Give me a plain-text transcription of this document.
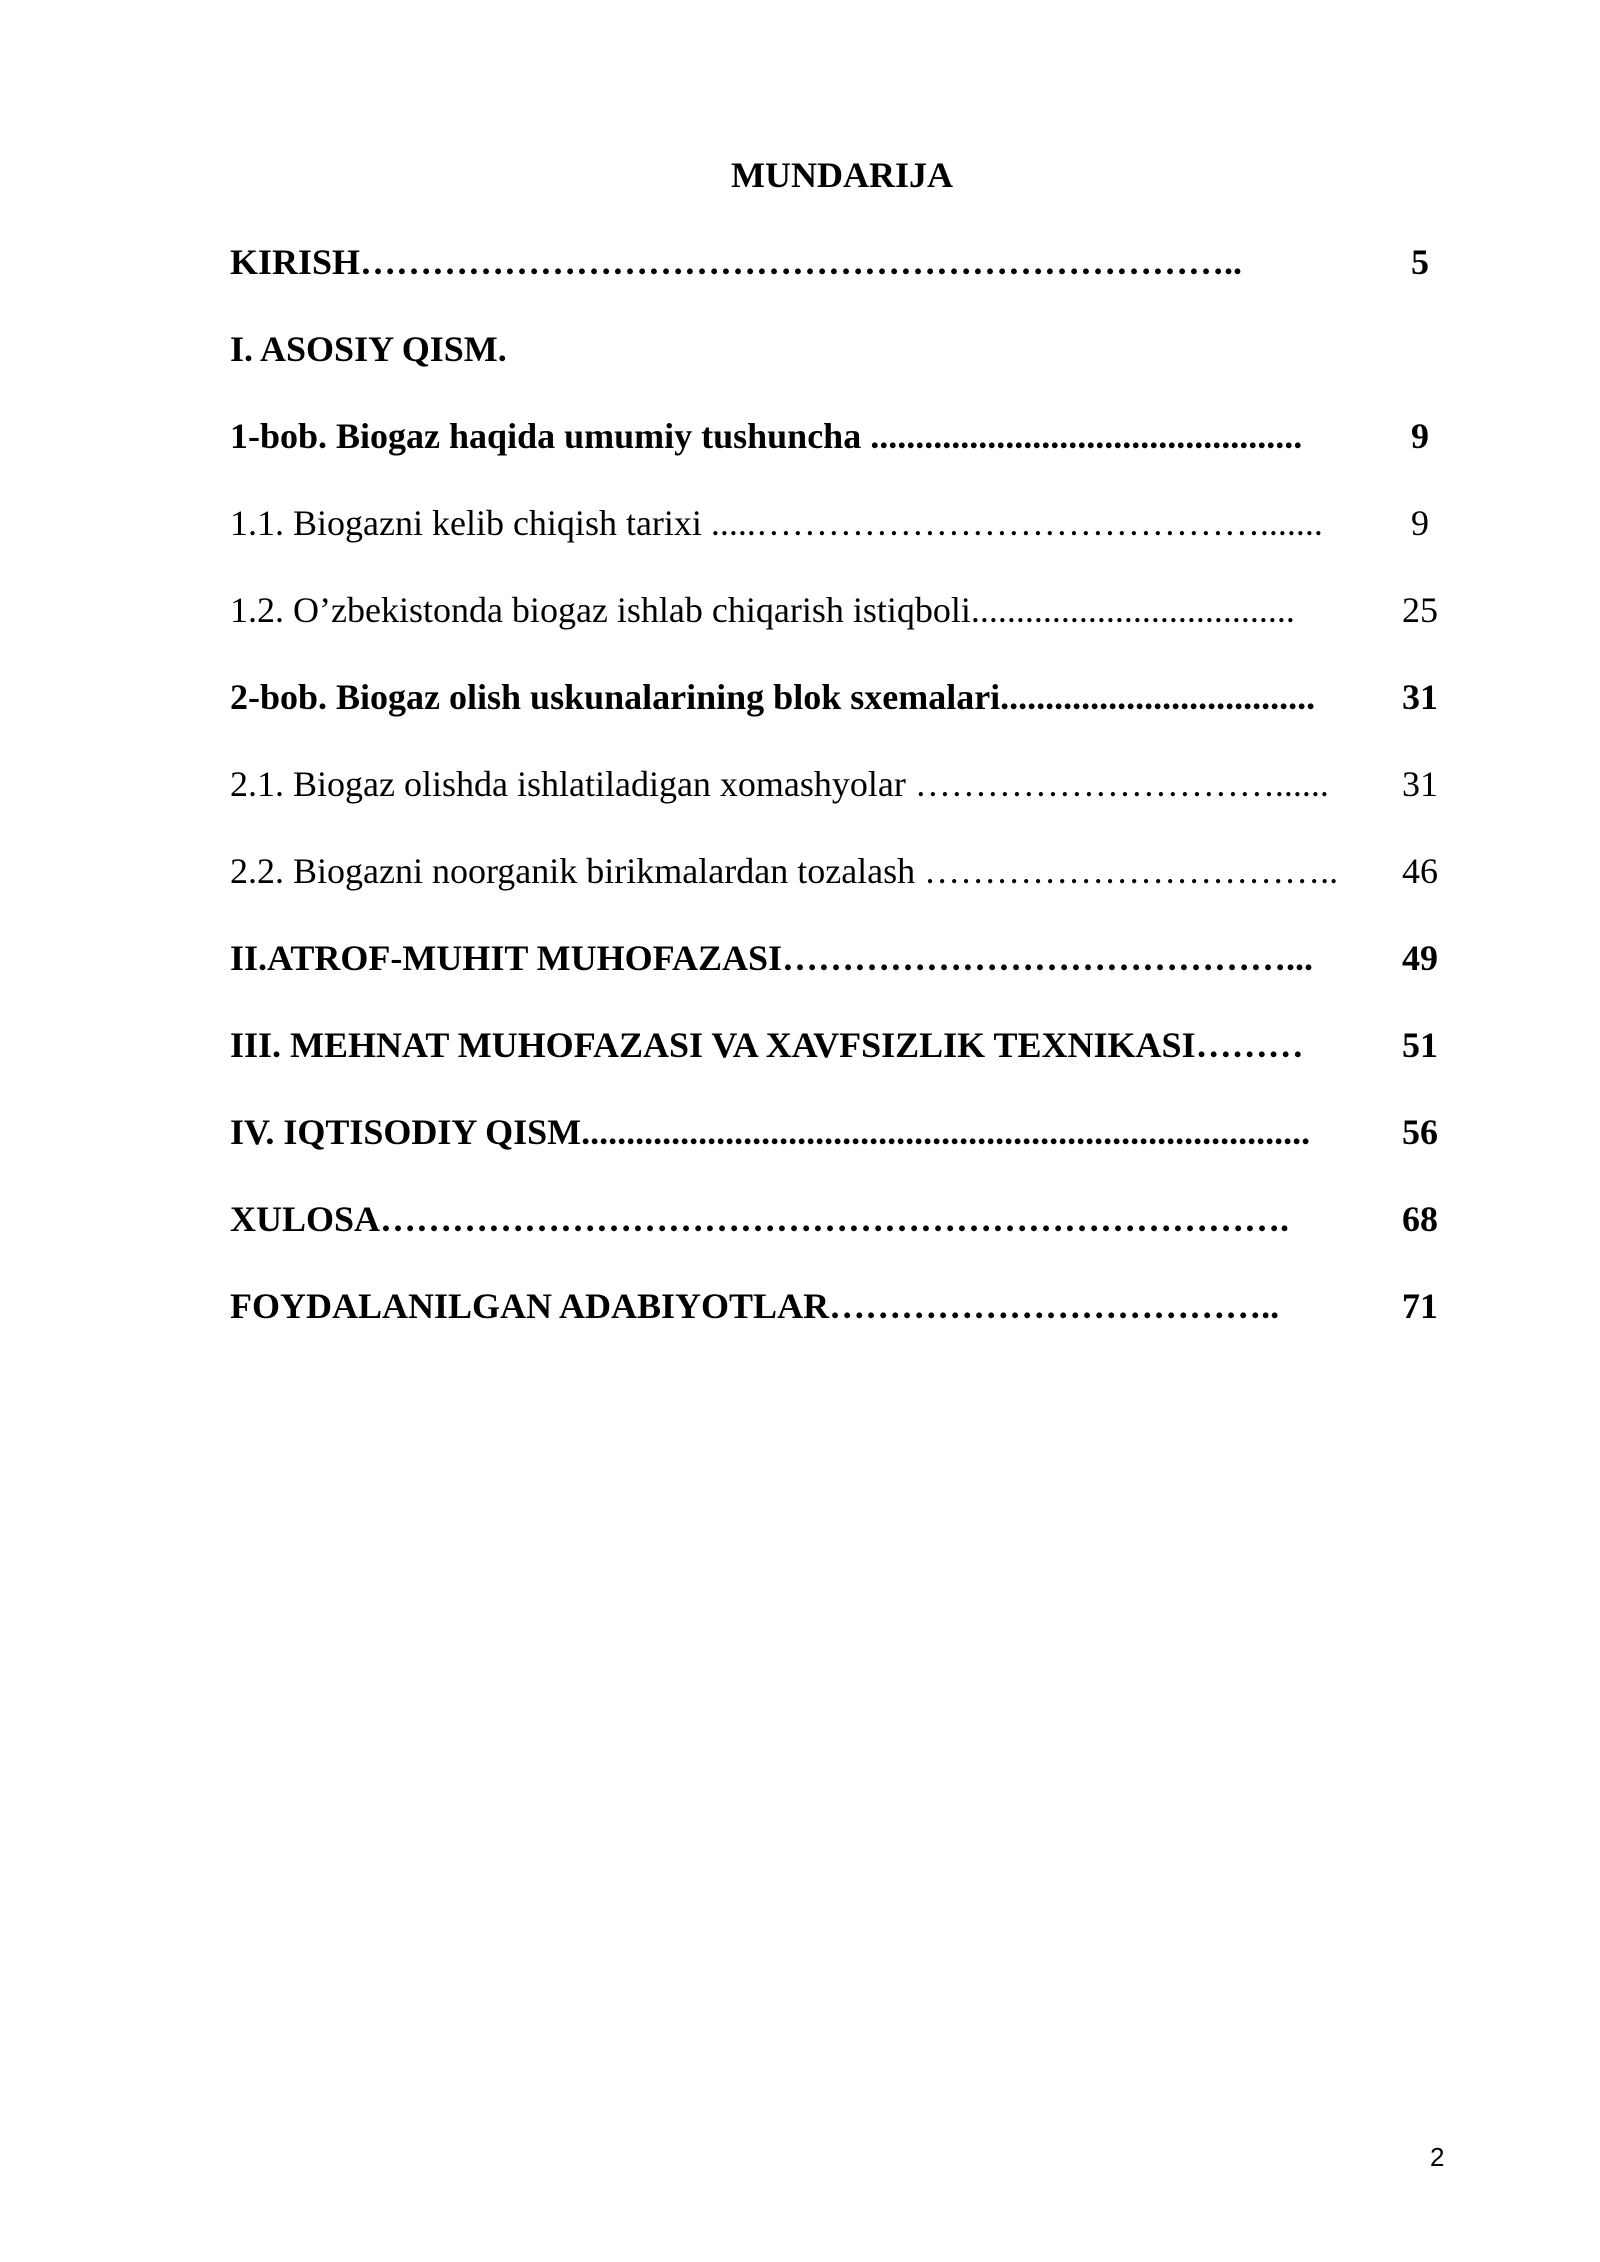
MUNDARIJA
KIRISH………………………………………………………………..	5
I. ASOSIY QISM.
1-bob. Biogaz haqida umumiy tushuncha ................................................	9
1.1. Biogazni kelib chiqish tarixi .....…………………………………….......	9
1.2. O’zbekistonda biogaz ishlab chiqarish istiqboli....................................	25
2-bob. Biogaz olish uskunalarining blok sxemalari...................................	31
2.1. Biogaz olishda ishlatiladigan xomashyolar …………………………......	31
2.2. Biogazni noorganik birikmalardan tozalash ……………………………..	46
II.ATROF-MUHIT MUHOFAZASI……………………………………...	49
III. MEHNAT MUHOFAZASI VA XAVFSIZLIK TEXNIKASI………	51
IV. IQTISODIY QISM.................................................................................	56
XULOSA………………………………………………………………….	68
FOYDALANILGAN ADABIYOTLAR………………………………..	71
2
